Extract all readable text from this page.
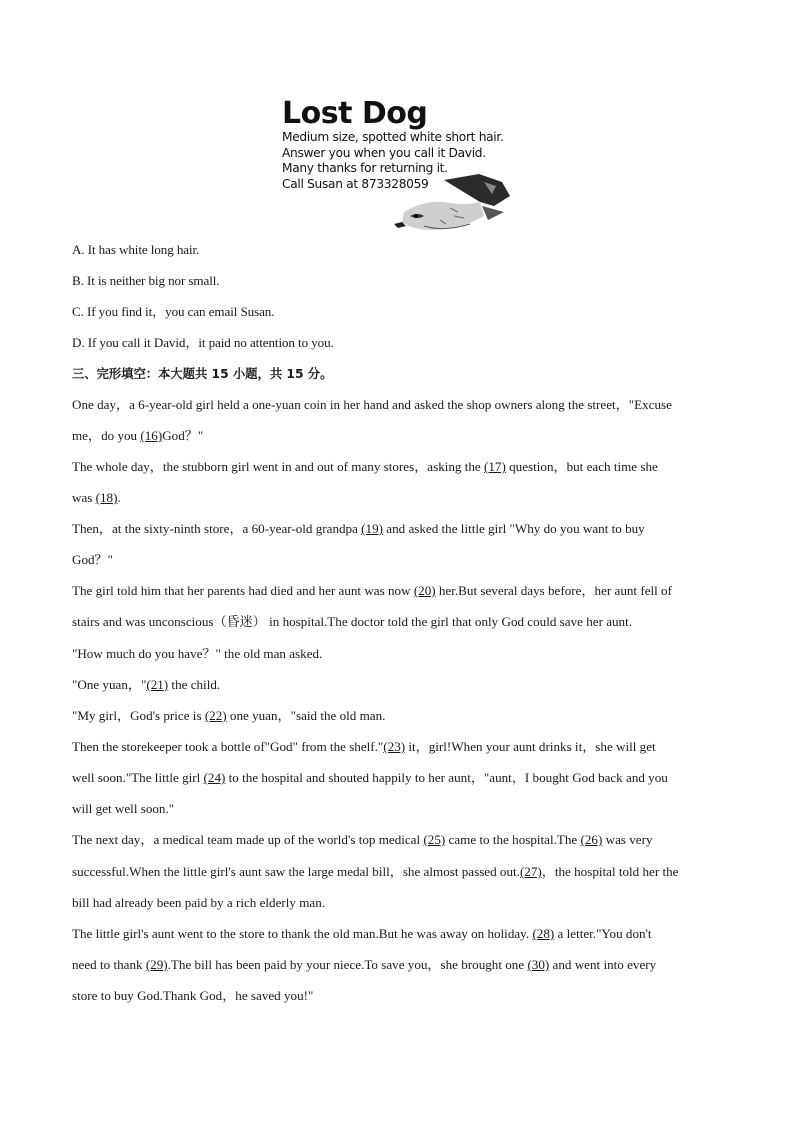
Lost Dog
Medium size, spotted white short hair.
Answer you when you call it David.
Many thanks for returning it.
Call Susan at 873328059
A. It has white long hair.
B. It is neither big nor small.
C. If you find it，you can email Susan.
D. If you call it David，it paid no attention to you.
三、完形填空：本大题共 15 小题，共 15 分。
One day，a 6-year-old girl held a one-yuan coin in her hand and asked the shop owners along the street，"Excuse
me，do you (16)God？"
The whole day，the stubborn girl went in and out of many stores，asking the (17) question，but each time she
was (18).
Then，at the sixty-ninth store，a 60-year-old grandpa (19) and asked the little girl "Why do you want to buy
God？"
The girl told him that her parents had died and her aunt was now (20) her.But several days before，her aunt fell of
stairs and was unconscious（昏迷） in hospital.The doctor told the girl that only God could save her aunt.
"How much do you have？" the old man asked.
"One yuan，"(21) the child.
"My girl，God's price is (22) one yuan，"said the old man.
Then the storekeeper took a bottle of"God" from the shelf."(23) it，girl!When your aunt drinks it，she will get
well soon."The little girl (24) to the hospital and shouted happily to her aunt，"aunt，I bought God back and you
will get well soon."
The next day，a medical team made up of the world's top medical (25) came to the hospital.The (26) was very
successful.When the little girl's aunt saw the large medal bill，she almost passed out.(27)，the hospital told her the
bill had already been paid by a rich elderly man.
The little girl's aunt went to the store to thank the old man.But he was away on holiday. (28) a letter."You don't
need to thank (29).The bill has been paid by your niece.To save you，she brought one (30) and went into every
store to buy God.Thank God，he saved you!"
